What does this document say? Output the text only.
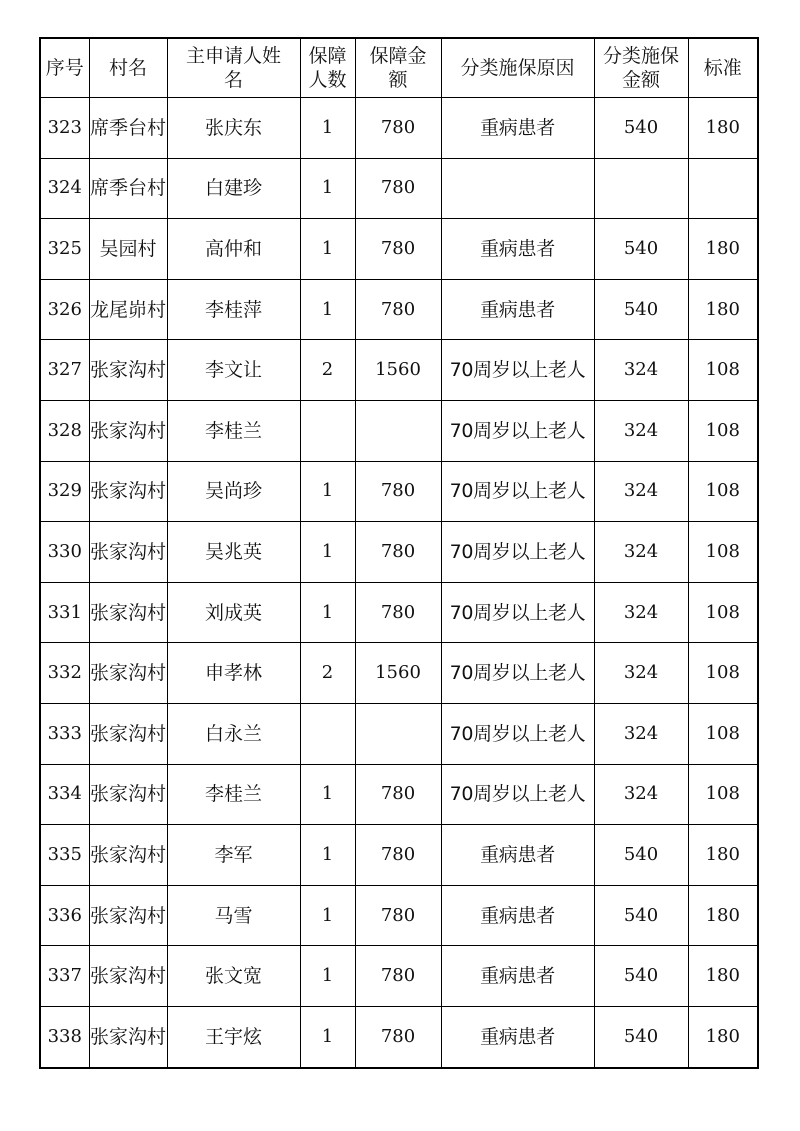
序号	村名	主申请人姓名	保障人数	保障金额	分类施保原因	分类施保金额	标准
323	席季台村	张庆东	1	780	重病患者	540	180
324	席季台村	白建珍	1	780			
325	吴园村	高仲和	1	780	重病患者	540	180
326	龙尾峁村	李桂萍	1	780	重病患者	540	180
327	张家沟村	李文让	2	1560	70周岁以上老人	324	108
328	张家沟村	李桂兰			70周岁以上老人	324	108
329	张家沟村	吴尚珍	1	780	70周岁以上老人	324	108
330	张家沟村	吴兆英	1	780	70周岁以上老人	324	108
331	张家沟村	刘成英	1	780	70周岁以上老人	324	108
332	张家沟村	申孝林	2	1560	70周岁以上老人	324	108
333	张家沟村	白永兰			70周岁以上老人	324	108
334	张家沟村	李桂兰	1	780	70周岁以上老人	324	108
335	张家沟村	李军	1	780	重病患者	540	180
336	张家沟村	马雪	1	780	重病患者	540	180
337	张家沟村	张文宽	1	780	重病患者	540	180
338	张家沟村	王宇炫	1	780	重病患者	540	180
